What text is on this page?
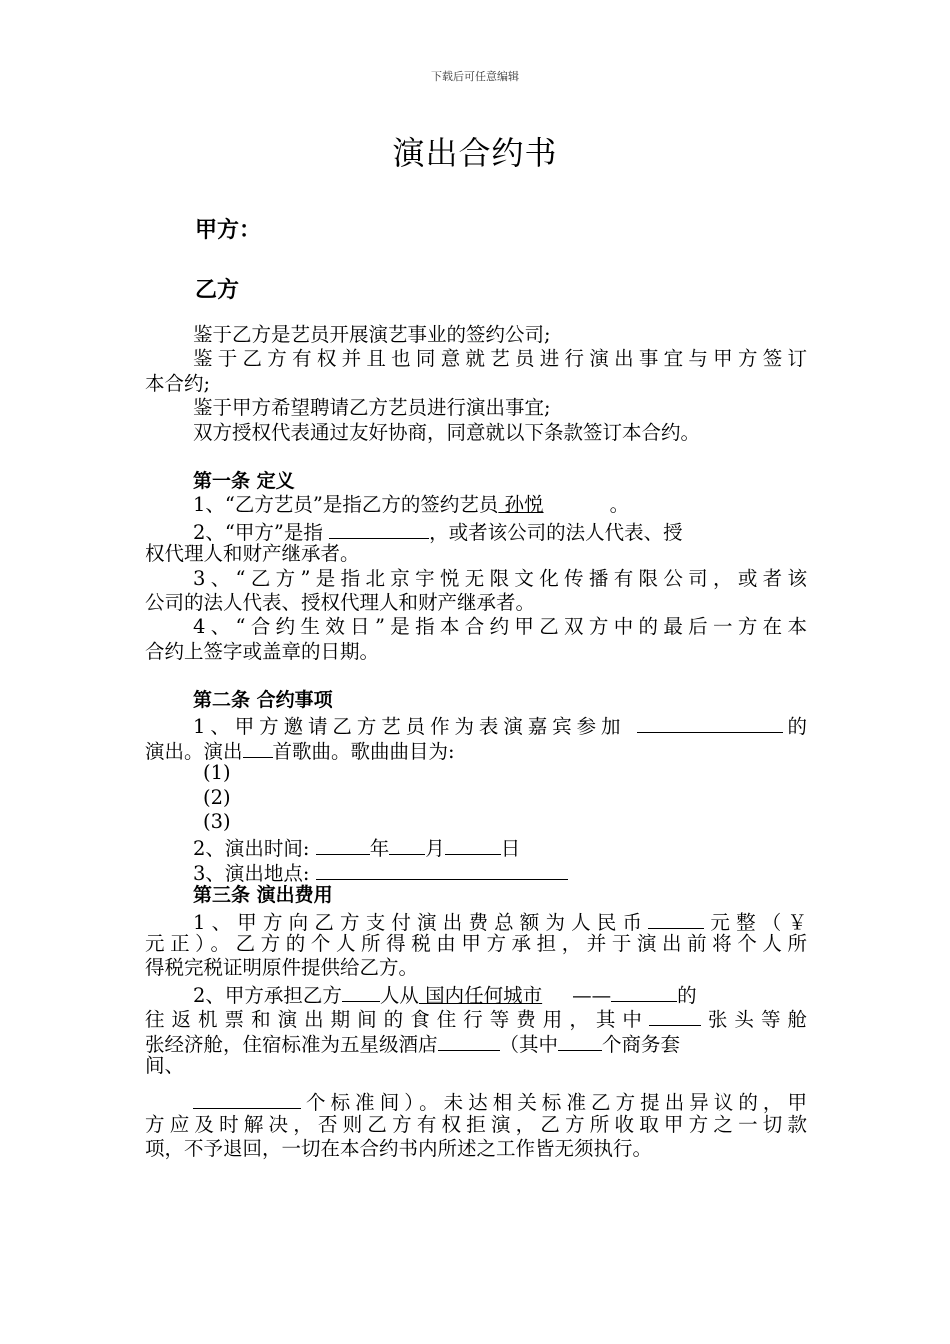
下载后可任意编辑
演出合约书
甲方：
乙方
鉴于乙方是艺员开展演艺事业的签约公司;
鉴于乙方有权并且也同意就艺员进行演出事宜与甲方签订
本合约;
鉴于甲方希望聘请乙方艺员进行演出事宜;
双方授权代表通过友好协商，同意就以下条款签订本合约。
第一条 定义
1、“乙方艺员”是指乙方的签约艺员 孙悦	。
2、“甲方”是指	，或者该公司的法人代表、授
权代理人和财产继承者。
3、“乙方”是指北京宇悦无限文化传播有限公司，或者该
公司的法人代表、授权代理人和财产继承者。
4、“合约生效日”是指本合约甲乙双方中的最后一方在本
合约上签字或盖章的日期。
第二条 合约事项
1、甲方邀请乙方艺员作为表演嘉宾参加	的
演出。演出 首歌曲。歌曲曲目为:
(1)
(2)
(3)
2、演出时间:	年 月	日
3、演出地点:
第三条 演出费用
1、甲方向乙方支付演出费总额为人民币	元整（￥
元正）。乙方的个人所得税由甲方承担，并于演出前将个人所
得税完税证明原件提供给乙方。
2、甲方承担乙方 人从 国内任何城市 ——	的
往返机票和演出期间的食住行等费用，其中	张头等舱
张经济舱，住宿标准为五星级酒店	（其中 个商务套
间、
个标准间）。未达相关标准乙方提出异议的，甲
方应及时解决，否则乙方有权拒演，乙方所收取甲方之一切款
项，不予退回，一切在本合约书内所述之工作皆无须执行。
